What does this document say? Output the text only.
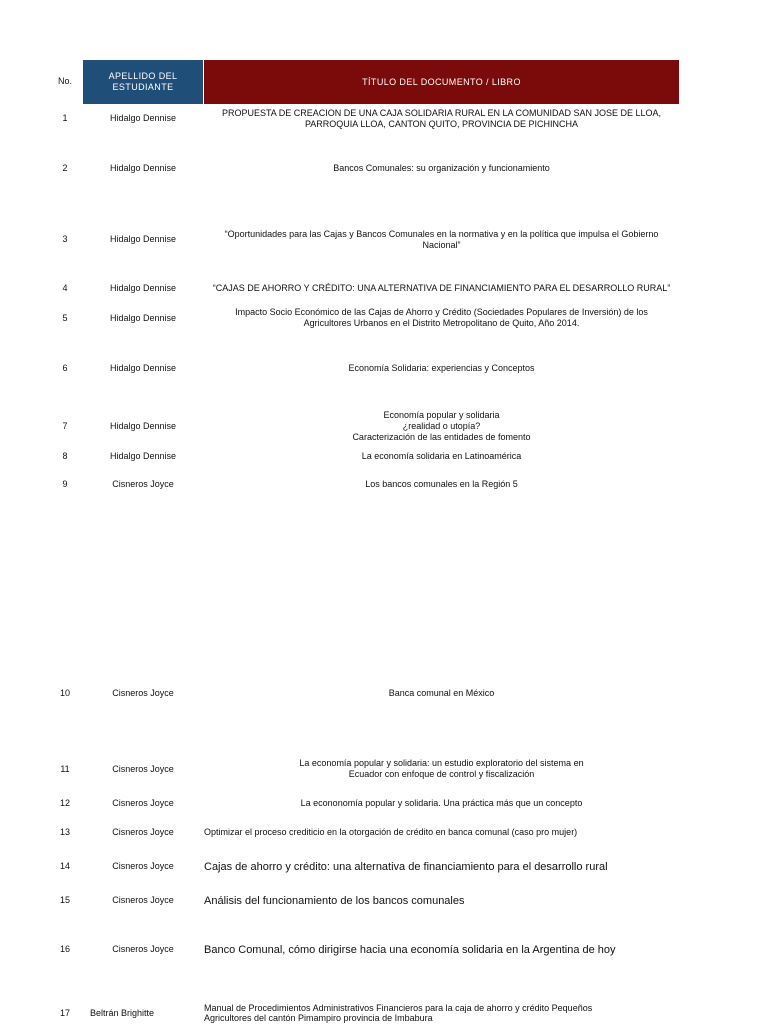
No.	APELLIDO DEL ESTUDIANTE	TÍTULO DEL DOCUMENTO / LIBRO
1	Hidalgo Dennise	PROPUESTA DE CREACION DE UNA CAJA SOLIDARIA RURAL EN LA COMUNIDAD SAN JOSE DE LLOA,
PARROQUIA LLOA, CANTON QUITO, PROVINCIA DE PICHINCHA
2	Hidalgo Dennise	Bancos Comunales: su organización y funcionamiento
3	Hidalgo Dennise	“Oportunidades para las Cajas y Bancos Comunales en la normativa y en la política que impulsa el Gobierno
Nacional”
4	Hidalgo Dennise	“CAJAS DE AHORRO Y CRÉDITO: UNA ALTERNATIVA DE FINANCIAMIENTO PARA EL DESARROLLO RURAL”
5	Hidalgo Dennise
Impacto Socio Económico de las Cajas de Ahorro y Crédito (Sociedades Populares de Inversión) de los
Agricultores Urbanos en el Distrito Metropolitano de Quito, Año 2014.
6	Hidalgo Dennise	Economía Solidaria: experiencias y Conceptos
7	Hidalgo Dennise
Economía popular y solidaria
¿realidad o utopía?
Caracterización de las entidades de fomento
8	Hidalgo Dennise	La economía solidaria en Latinoamérica
9	Cisneros Joyce	Los bancos comunales en la Región 5
10	Cisneros Joyce	Banca comunal en México
11	Cisneros Joyce
La economía popular y solidaria: un estudio exploratorio del sistema en
Ecuador con enfoque de control y fiscalización
12	Cisneros Joyce	La econonomía popular y solidaria. Una práctica más que un concepto
13	Cisneros Joyce	Optimizar el proceso crediticio en la otorgación de crédito en banca comunal (caso pro mujer)
14	Cisneros Joyce	Cajas de ahorro y crédito: una alternativa de financiamiento para el desarrollo rural
15	Cisneros Joyce	Análisis del funcionamiento de los bancos comunales
16	Cisneros Joyce	Banco Comunal, cómo dirigirse hacia una economía solidaria en la Argentina de hoy
17	Beltrán Brighitte	Manual de Procedimientos Administrativos Financieros para la caja de ahorro y crédito Pequeños
Agricultores del cantón Pimampiro provincia de Imbabura
